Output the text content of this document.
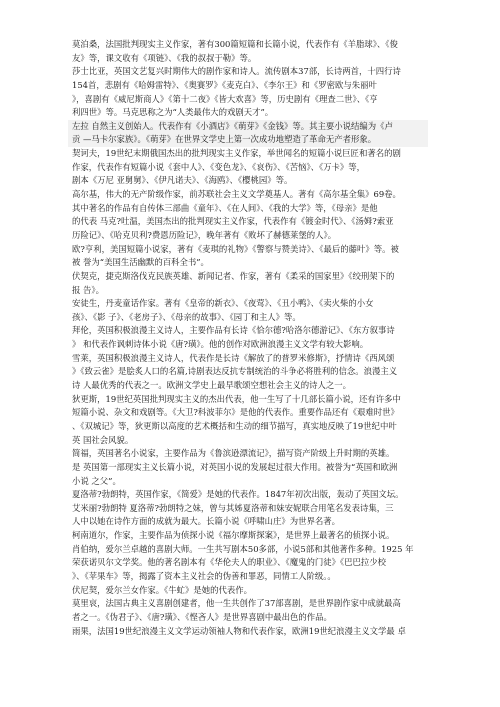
莫泊桑，法国批判现实主义作家，著有300篇短篇和长篇小说，代表作有《羊脂球》、《俊
友》等，课文收有《项链》、《我的叔叔于勒》等。
莎士比亚，英国文艺复兴时期伟大的剧作家和诗人。流传剧本37部，长诗两首，十四行诗
154首，悲剧有《哈姆雷特》、《奥赛罗》《麦克白》、《李尔王》和《罗密欧与朱丽叶
》，喜剧有《威尼斯商人》《第十二夜》《皆大欢喜》等，历史剧有《理查二世》、《亨
利四世》等。马克思称之为“人类最伟大的戏剧天才”。
左拉 自然主义创始人。代表作有《小酒店》《萌芽》《金钱》等。其主要小说结编为《卢
贡 —马卡尔家族》。《萌芽》在世界文学史上第一次成功地塑造了革命无产者形象。
契诃夫，19世纪末期俄国杰出的批判现实主义作家，举世闻名的短篇小说巨匠和著名的剧
作家，代表作有短篇小说《套中人》、《变色龙》、《哀伤》、《苦恼》、《万卡》等，
剧本《万尼 亚舅舅》、《伊凡诺夫》、《海鸥》、《樱桃园》等。
高尔基，伟大的无产阶级作家，前苏联社会主义文学奠基人。著有《高尔基全集》69卷。
其中著名的作品有自传体三部曲《童年》、《在人间》、《我的大学》等，《母亲》是他
的代表 马克?吐温，美国杰出的批判现实主义作家，代表作有《镀金时代》、《汤姆?索亚
历险记》、《哈克贝利?费恩历险记》，晚年著有《败坏了赫德莱堡的人》。
欧?亨利，美国短篇小说家，著有《麦琪的礼物》《警察与赞美诗》、《最后的藤叶》等。被
被 誉为“美国生活幽默的百科全书”。
伏契克，捷克斯洛伐克民族英雄、新闻记者、作家，著有《柔采的国家里》《绞刑架下的
报 告》。
安徒生，丹麦童话作家。著有《皇帝的新衣》、《夜莺》、《丑小鸭》、《卖火柴的小女
孩》、《影 子》、《老房子》、《母亲的故事》、《园丁和主人》等。
拜伦，英国积极浪漫主义诗人，主要作品有长诗《恰尔德?哈洛尔德游记》、《东方叙事诗
》 和代表作讽刺诗体小说《唐?璜》。他的创作对欧洲浪漫主义文学有较大影响。
雪莱，英国积极浪漫主义诗人，代表作是长诗《解放了的普罗米修斯》，抒情诗《西风颂
》《致云雀》是脍炙人口的名篇,诗剧表达反抗专制统治的斗争必将胜利的信念。浪漫主义
诗 人最优秀的代表之一。欧洲文学史上最早歌颂空想社会主义的诗人之一。
狄更斯，19世纪英国批判现实主义的杰出代表，他一生写了十几部长篇小说，还有许多中
短篇小说、杂文和戏剧等。《大卫?科波菲尔》是他的代表作。重要作品还有《艰难时世》
、《双城记》等，狄更斯以高度的艺术概括和生动的细节描写，真实地反映了19世纪中叶
英 国社会风貌。
简福，英国著名小说家，主要作品为《鲁滨逊漂流记》，描写资产阶级上升时期的英雄。
是 英国第一部现实主义长篇小说，对英国小说的发展起过很大作用。被誉为“英国和欧洲
小说 之父”。
夏洛蒂?勃朗特，英国作家，《简爱》是她的代表作。1847年初次出版，轰动了英国文坛。
艾米丽?勃朗特 夏洛蒂?勃朗特之妹，曾与其姊夏洛蒂和妹安妮联合用笔名发表诗集，三
人中以她在诗作方面的成就为最大。长篇小说《呼啸山庄》为世界名著。
柯南道尔，作家，主要作品为侦探小说《福尔摩斯探案》，是世界上最著名的侦探小说。
肖伯纳，爱尔兰卓越的喜剧大师。一生共写剧本50多部，小说5部和其他著作多种。1925 年
荣获诺贝尔文学奖。他的著名剧本有《华伦夫人的职业》、《魔鬼的门徒》《巴巴拉少校
》、《苹果车》等，揭露了资本主义社会的伪善和罪恶，同情工人阶级。。
伏尼契，爱尔兰女作家。《牛虻》是她的代表作。
莫里哀，法国古典主义喜剧创建者，他一生共创作了37部喜剧，是世界剧作家中成就最高
者之一。《伪君子》、《唐?璜》、《悭吝人》是世界喜剧中最出色的作品。
雨果，法国19世纪浪漫主义文学运动领袖人物和代表作家，欧洲19世纪浪漫主义文学最 卓
